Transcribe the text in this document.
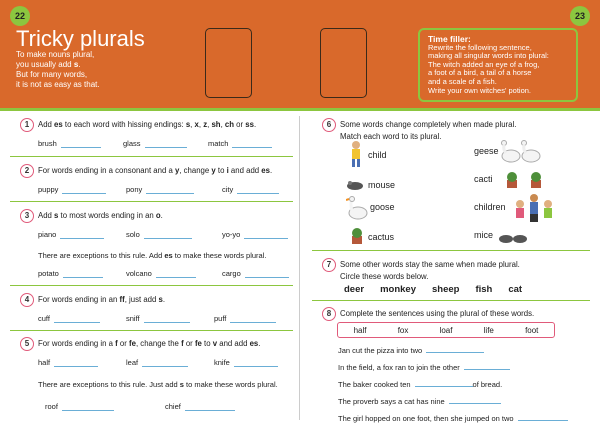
22	23
Tricky plurals
To make nouns plural,
you usually add s.
But for many words,
it is not as easy as that.
Time filler:
Rewrite the following sentence,
making all singular words into plural:
The witch added an eye of a frog,
a foot of a bird, a tail of a horse
and a scale of a fish.
Write your own witches' potion.
1 Add es to each word with hissing endings: s, x, z, sh, ch or ss.
brush	glass	match
2 For words ending in a consonant and a y, change y to i and add es.
puppy	pony	city
3 Add s to most words ending in an o.
piano	solo	yo-yo
There are exceptions to this rule. Add es to make these words plural.
potato	volcano	cargo
4 For words ending in an ff, just add s.
cuff	sniff	puff
5 For words ending in a f or fe, change the f or fe to v and add es.
half	leaf	knife
There are exceptions to this rule. Just add s to make these words plural.
roof	chief
6 Some words change completely when made plural.
Match each word to its plural.
child
mouse
goose
cactus
geese
cacti
children
mice
7 Some other words stay the same when made plural.
Circle these words below.
deer monkey sheep fish cat
8 Complete the sentences using the plural of these words.
half	fox	loaf	life	foot
Jan cut the pizza into two
In the field, a fox ran to join the other
The baker cooked ten	of bread.
The proverb says a cat has nine
The girl hopped on one foot, then she jumped on two
